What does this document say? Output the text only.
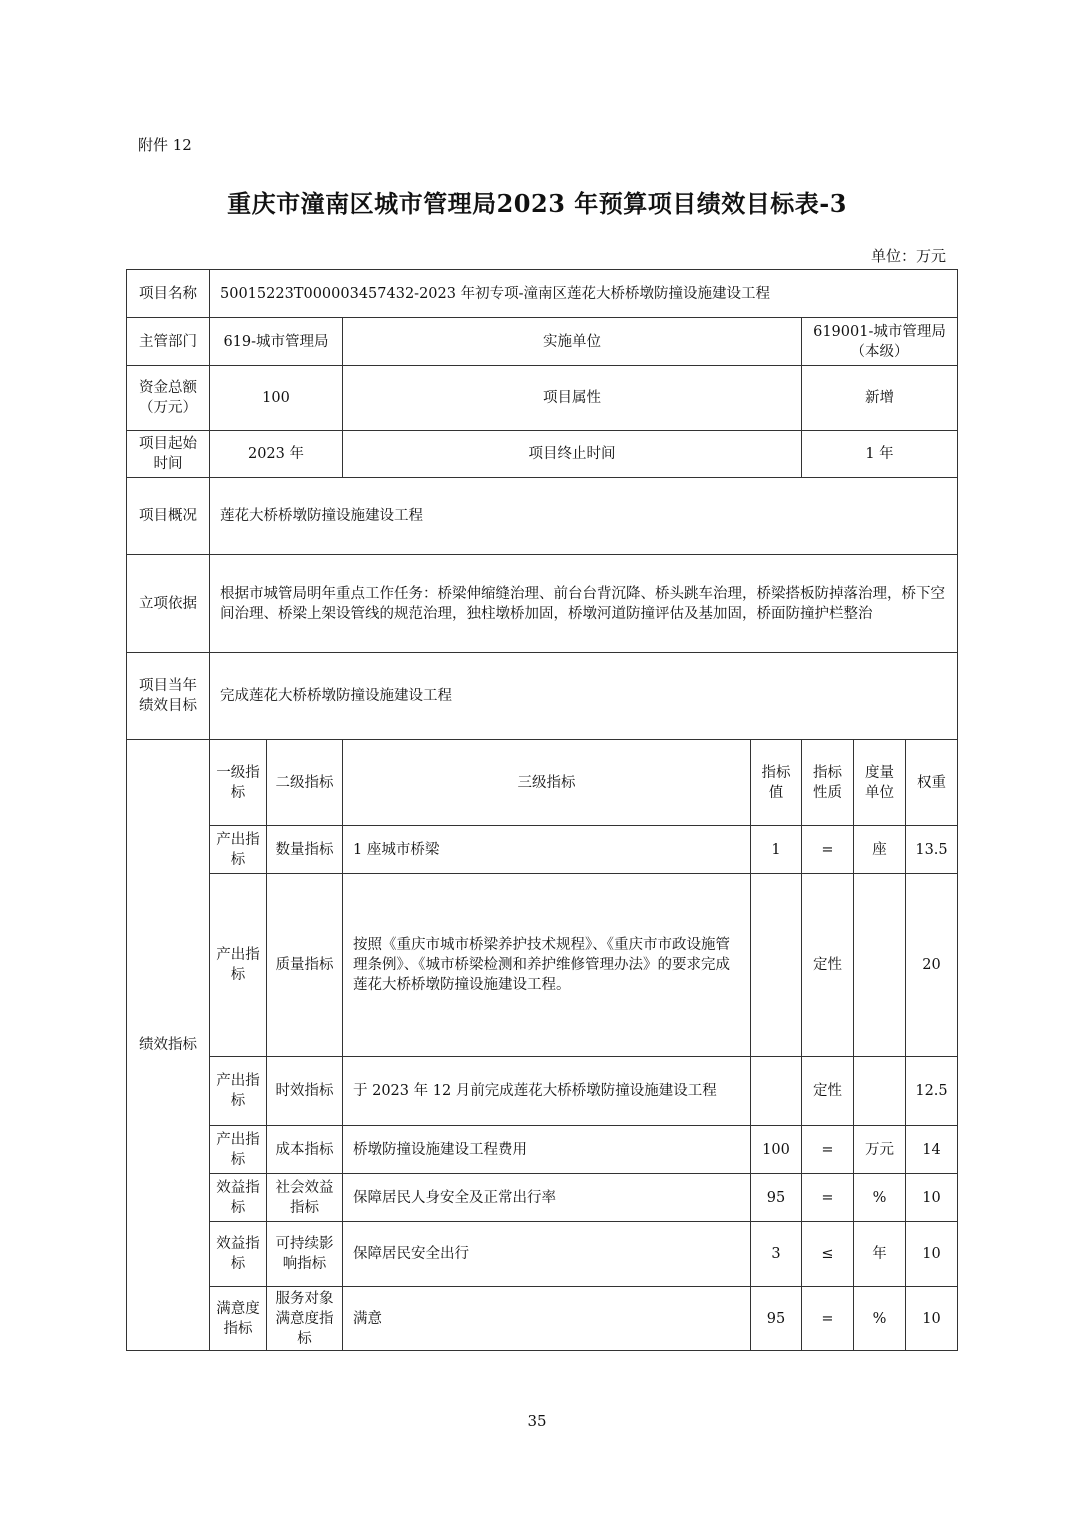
附件 12
重庆市潼南区城市管理局2023 年预算项目绩效目标表-3
单位：万元
项目名称	50015223T000003457432-2023 年初专项-潼南区莲花大桥桥墩防撞设施建设工程						
主管部门	619-城市管理局		实施单位		619001-城市管理局（本级）		
资金总额（万元）	100		项目属性		新增		
项目起始时间	2023 年		项目终止时间		1 年		
项目概况	莲花大桥桥墩防撞设施建设工程						
立项依据	根据市城管局明年重点工作任务：桥梁伸缩缝治理、前台台背沉降、桥头跳车治理，桥梁搭板防掉落治理，桥下空间治理、桥梁上架设管线的规范治理，独柱墩桥加固，桥墩河道防撞评估及基加固，桥面防撞护栏整治						
项目当年绩效目标	完成莲花大桥桥墩防撞设施建设工程						
绩效指标	一级指标	二级指标	三级指标	指标值	指标性质	度量单位	权重
	产出指标	数量指标	1 座城市桥梁	1	=	座	13.5
	产出指标	质量指标	按照《重庆市城市桥梁养护技术规程》、《重庆市市政设施管理条例》、《城市桥梁检测和养护维修管理办法》的要求完成莲花大桥桥墩防撞设施建设工程。		定性		20
	产出指标	时效指标	于 2023 年 12 月前完成莲花大桥桥墩防撞设施建设工程		定性		12.5
	产出指标	成本指标	桥墩防撞设施建设工程费用	100	=	万元	14
	效益指标	社会效益指标	保障居民人身安全及正常出行率	95	=	%	10
	效益指标	可持续影响指标	保障居民安全出行	3	≤	年	10
	满意度指标	服务对象满意度指标	满意	95	=	%	10
35
